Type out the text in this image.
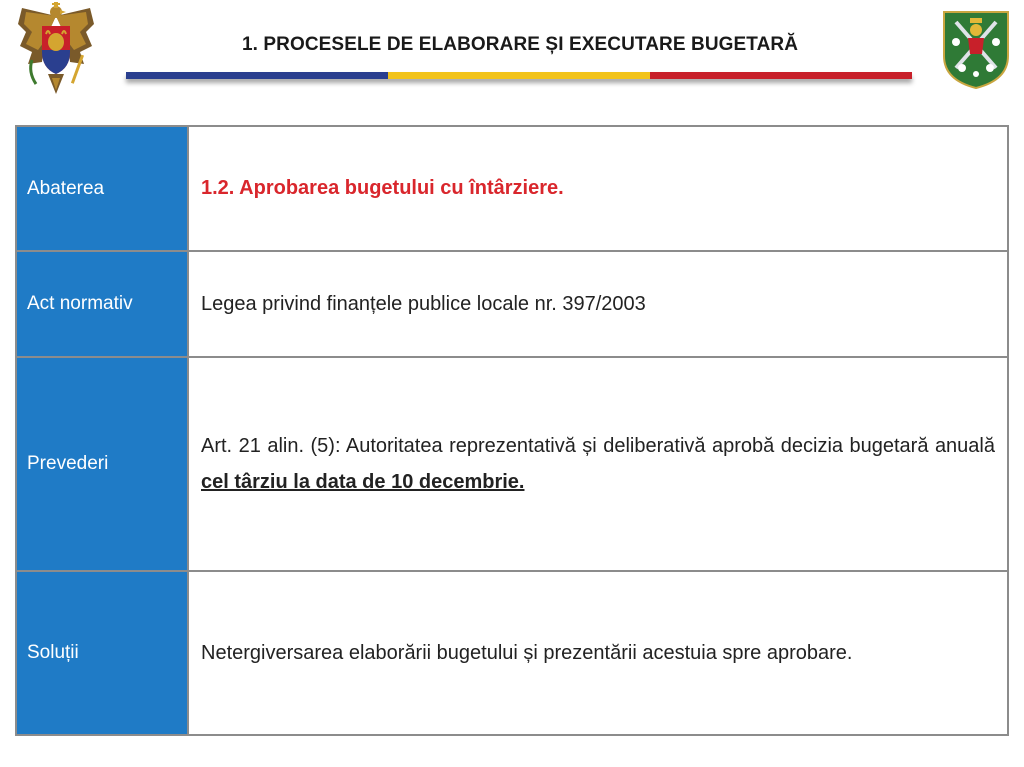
1. PROCESELE DE ELABORARE ȘI EXECUTARE BUGETARĂ
Abaterea	1.2. Aprobarea bugetului cu întârziere.
Act normativ	Legea privind finanțele publice locale nr. 397/2003
Prevederi	Art. 21 alin. (5): Autoritatea reprezentativă și deliberativă aprobă decizia bugetară anuală cel târziu la data de 10 decembrie.
Soluții	Netergiversarea elaborării bugetului și prezentării acestuia spre aprobare.
